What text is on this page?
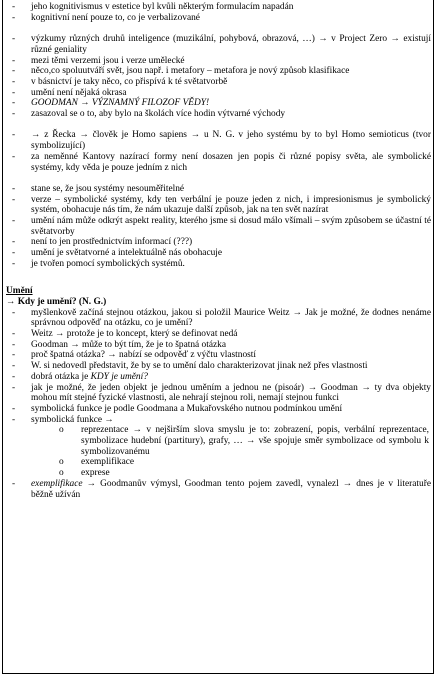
- jeho kognitivismus v estetice byl kvůli některým formulacím napadán
- kognitivní není pouze to, co je verbalizované
- výzkumy různých druhů inteligence (muzikální, pohybová, obrazová, …) → v Project Zero → existují různé geniality
- mezi těmi verzemi jsou i verze umělecké
- něco,co spoluutváří svět, jsou např. i metafory – metafora je nový způsob klasifikace
- v básnictví je taky něco, co přispívá k té světatvorbě
- umění není nějaká okrasa
- GOODMAN → VÝZNAMNÝ FILOZOF VĚDY!
- zasazoval se o to, aby bylo na školách více hodin výtvarné východy
- → z Řecka → člověk je Homo sapiens → u N. G. v jeho systému by to byl Homo semioticus (tvor symbolizující)
- za neměnné Kantovy nazírací formy není dosazen jen popis či různé popisy světa, ale symbolické systémy, kdy věda je pouze jedním z nich
- stane se, že jsou systémy nesouměřitelné
- verze – symbolické systémy, kdy ten verbální je pouze jeden z nich, i impresionismus je symbolický systém, obohacuje nás tím, že nám ukazuje další způsob, jak na ten svět nazírat
- umění nám může odkrýt aspekt reality, kterého jsme si dosud málo všímali – svým způsobem se účastní té světatvorby
- není to jen prostřednictvím informací (???)
- umění je světatvorné a intelektuálně nás obohacuje
- je tvořen pomocí symbolických systémů.
Umění
→ Kdy je umění? (N. G.)
- myšlenkově začíná stejnou otázkou, jakou si položil Maurice Weitz → Jak je možné, že dodnes nenáme správnou odpověď na otázku, co je umění?
- Weitz → protože je to koncept, který se definovat nedá
- Goodman → může to být tím, že je to špatná otázka
- proč špatná otázka? → nabízí se odpověď z výčtu vlastností
- W. si nedovedl představit, že by se to umění dalo charakterizovat jinak než přes vlastnosti
- dobrá otázka je KDY je umění?
- jak je možné, že jeden objekt je jednou uměním a jednou ne (pisoár) → Goodman → ty dva objekty mohou mít stejné fyzické vlastnosti, ale nehrají stejnou roli, nemají stejnou funkci
- symbolická funkce je podle Goodmana a Mukařovského nutnou podmínkou umění
- symbolická funkce →
o reprezentace → v nejširším slova smyslu je to: zobrazení, popis, verbální reprezentace, symbolizace hudební (partitury), grafy, … → vše spojuje směr symbolizace od symbolu k symbolizovanému
o exemplifikace
o exprese
- exemplifikace → Goodmanův výmysl, Goodman tento pojem zavedl, vynalezl → dnes je v literatuře běžně užíván
